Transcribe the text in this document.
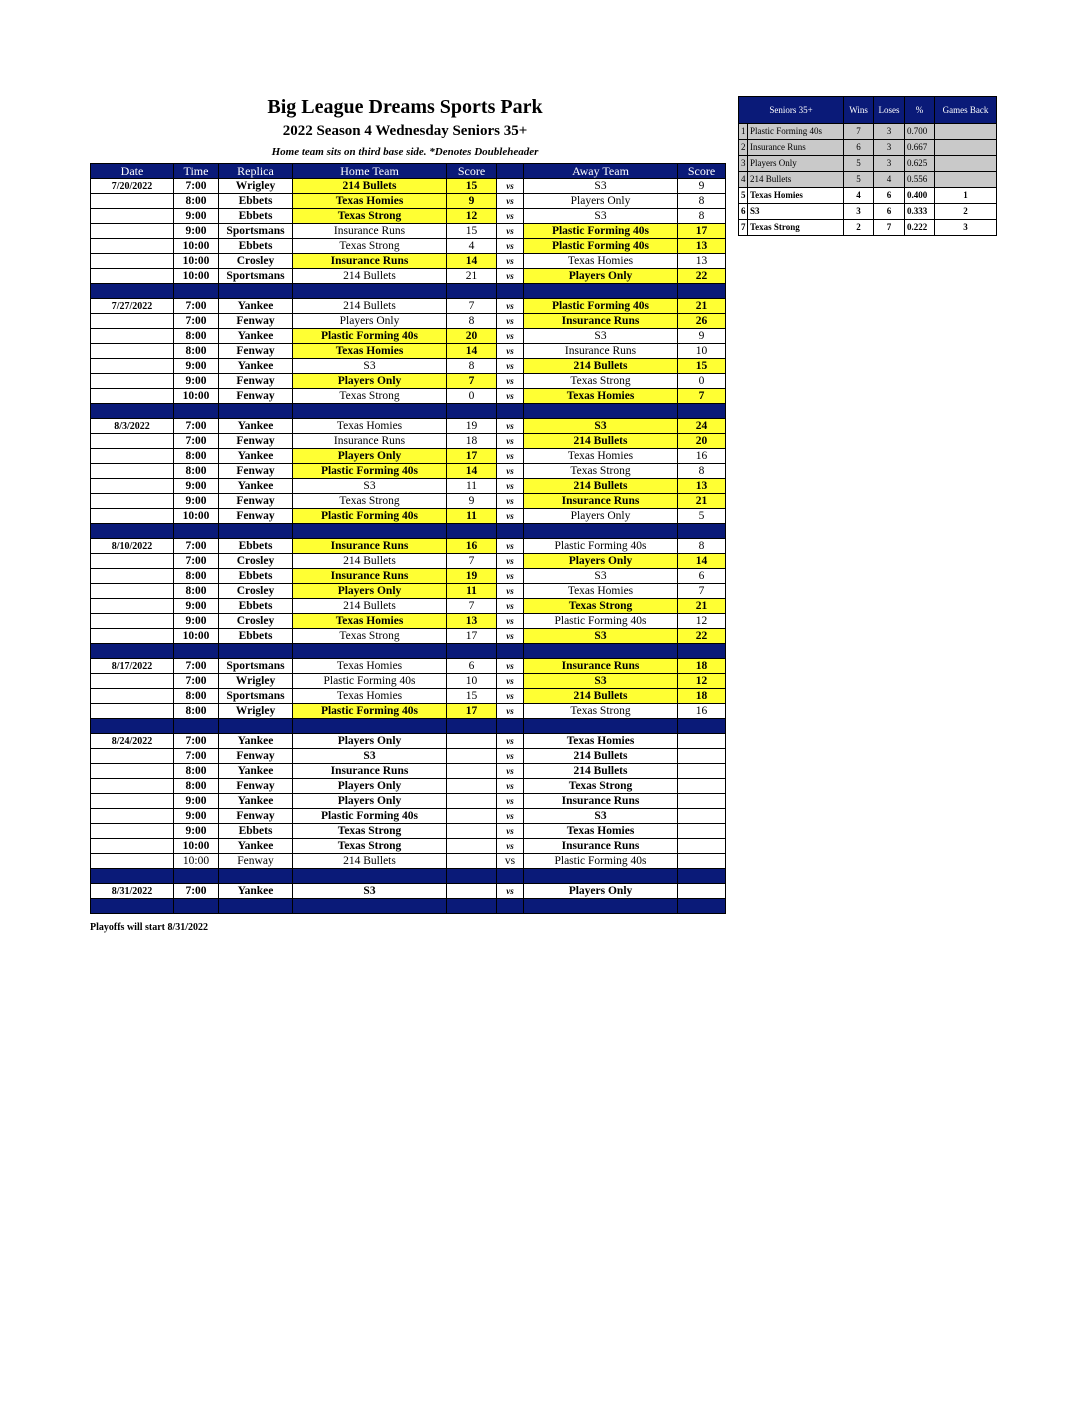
Big League Dreams Sports Park
2022 Season 4 Wednesday Seniors 35+
Home team sits on third base side. *Denotes Doubleheader
Date	Time	Replica	Home Team	Score		Away Team	Score
7/20/2022	7:00	Wrigley	214 Bullets	15	vs	S3	9
	8:00	Ebbets	Texas Homies	9	vs	Players Only	8
	9:00	Ebbets	Texas Strong	12	vs	S3	8
	9:00	Sportsmans	Insurance Runs	15	vs	Plastic Forming 40s	17
	10:00	Ebbets	Texas Strong	4	vs	Plastic Forming 40s	13
	10:00	Crosley	Insurance Runs	14	vs	Texas Homies	13
	10:00	Sportsmans	214 Bullets	21	vs	Players Only	22

7/27/2022	7:00	Yankee	214 Bullets	7	vs	Plastic Forming 40s	21
	7:00	Fenway	Players Only	8	vs	Insurance Runs	26
	8:00	Yankee	Plastic Forming 40s	20	vs	S3	9
	8:00	Fenway	Texas Homies	14	vs	Insurance Runs	10
	9:00	Yankee	S3	8	vs	214 Bullets	15
	9:00	Fenway	Players Only	7	vs	Texas Strong	0
	10:00	Fenway	Texas Strong	0	vs	Texas Homies	7

8/3/2022	7:00	Yankee	Texas Homies	19	vs	S3	24
	7:00	Fenway	Insurance Runs	18	vs	214 Bullets	20
	8:00	Yankee	Players Only	17	vs	Texas Homies	16
	8:00	Fenway	Plastic Forming 40s	14	vs	Texas Strong	8
	9:00	Yankee	S3	11	vs	214 Bullets	13
	9:00	Fenway	Texas Strong	9	vs	Insurance Runs	21
	10:00	Fenway	Plastic Forming 40s	11	vs	Players Only	5

8/10/2022	7:00	Ebbets	Insurance Runs	16	vs	Plastic Forming 40s	8
	7:00	Crosley	214 Bullets	7	vs	Players Only	14
	8:00	Ebbets	Insurance Runs	19	vs	S3	6
	8:00	Crosley	Players Only	11	vs	Texas Homies	7
	9:00	Ebbets	214 Bullets	7	vs	Texas Strong	21
	9:00	Crosley	Texas Homies	13	vs	Plastic Forming 40s	12
	10:00	Ebbets	Texas Strong	17	vs	S3	22

8/17/2022	7:00	Sportsmans	Texas Homies	6	vs	Insurance Runs	18
	7:00	Wrigley	Plastic Forming 40s	10	vs	S3	12
	8:00	Sportsmans	Texas Homies	15	vs	214 Bullets	18
	8:00	Wrigley	Plastic Forming 40s	17	vs	Texas Strong	16

8/24/2022	7:00	Yankee	Players Only		vs	Texas Homies	
	7:00	Fenway	S3		vs	214 Bullets	
	8:00	Yankee	Insurance Runs		vs	214 Bullets	
	8:00	Fenway	Players Only		vs	Texas Strong	
	9:00	Yankee	Players Only		vs	Insurance Runs	
	9:00	Fenway	Plastic Forming 40s		vs	S3	
	9:00	Ebbets	Texas Strong		vs	Texas Homies	
	10:00	Yankee	Texas Strong		vs	Insurance Runs	
	10:00	Fenway	214 Bullets		vs	Plastic Forming 40s	

8/31/2022	7:00	Yankee	S3		vs	Players Only	

Seniors 35+		Wins	Loses	%	Games Back
1	Plastic Forming 40s	7	3	0.700	
2	Insurance Runs	6	3	0.667	
3	Players Only	5	3	0.625	
4	214 Bullets	5	4	0.556	
5	Texas Homies	4	6	0.400	1
6	S3	3	6	0.333	2
7	Texas Strong	2	7	0.222	3
Playoffs will start 8/31/2022
